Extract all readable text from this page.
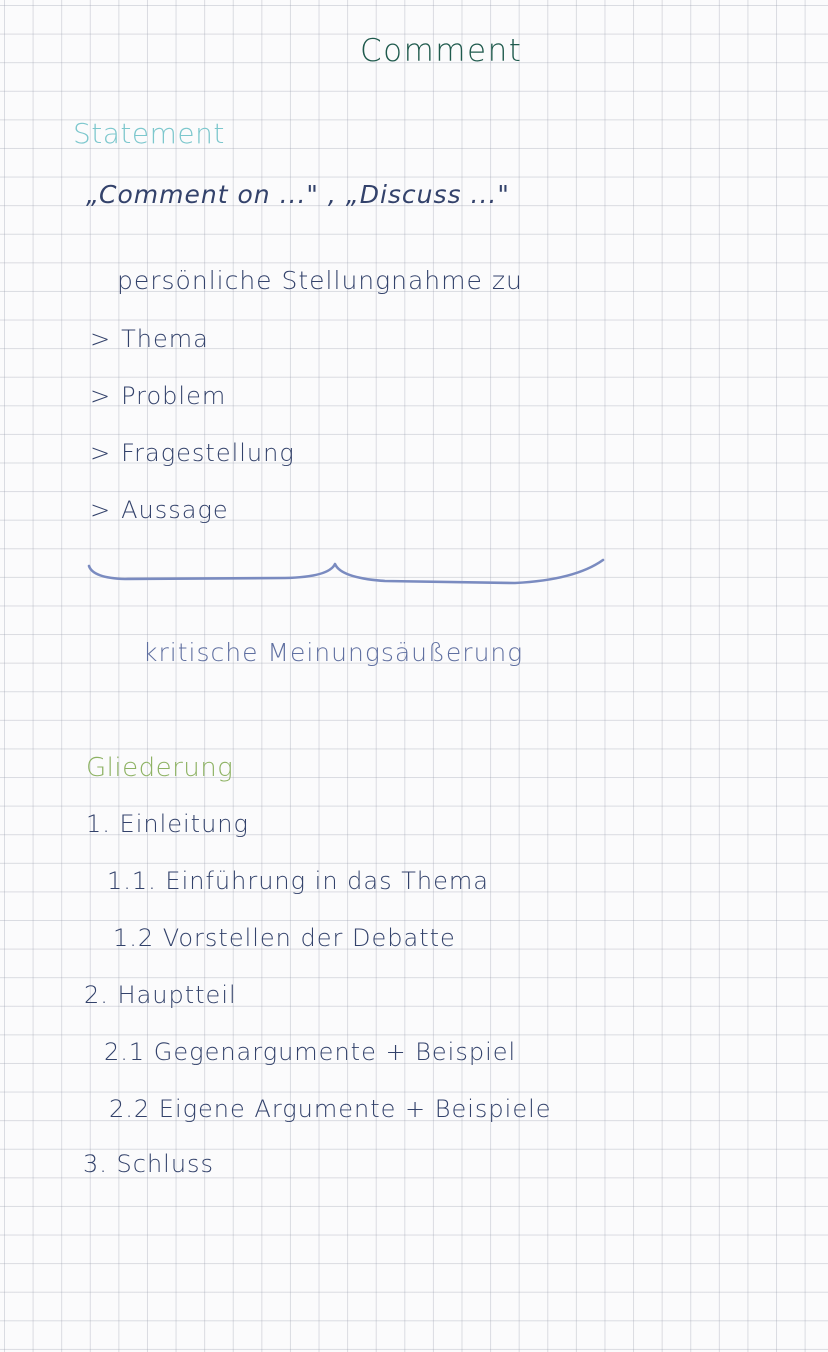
Comment
Statement
„Comment on ..." , „Discuss ..."
persönliche Stellungnahme zu
> Thema
> Problem
> Fragestellung
> Aussage
kritische Meinungsäußerung
Gliederung
1. Einleitung
1.1. Einführung in das Thema
1.2 Vorstellen der Debatte
2. Hauptteil
2.1 Gegenargumente + Beispiel
2.2 Eigene Argumente + Beispiele
3. Schluss
